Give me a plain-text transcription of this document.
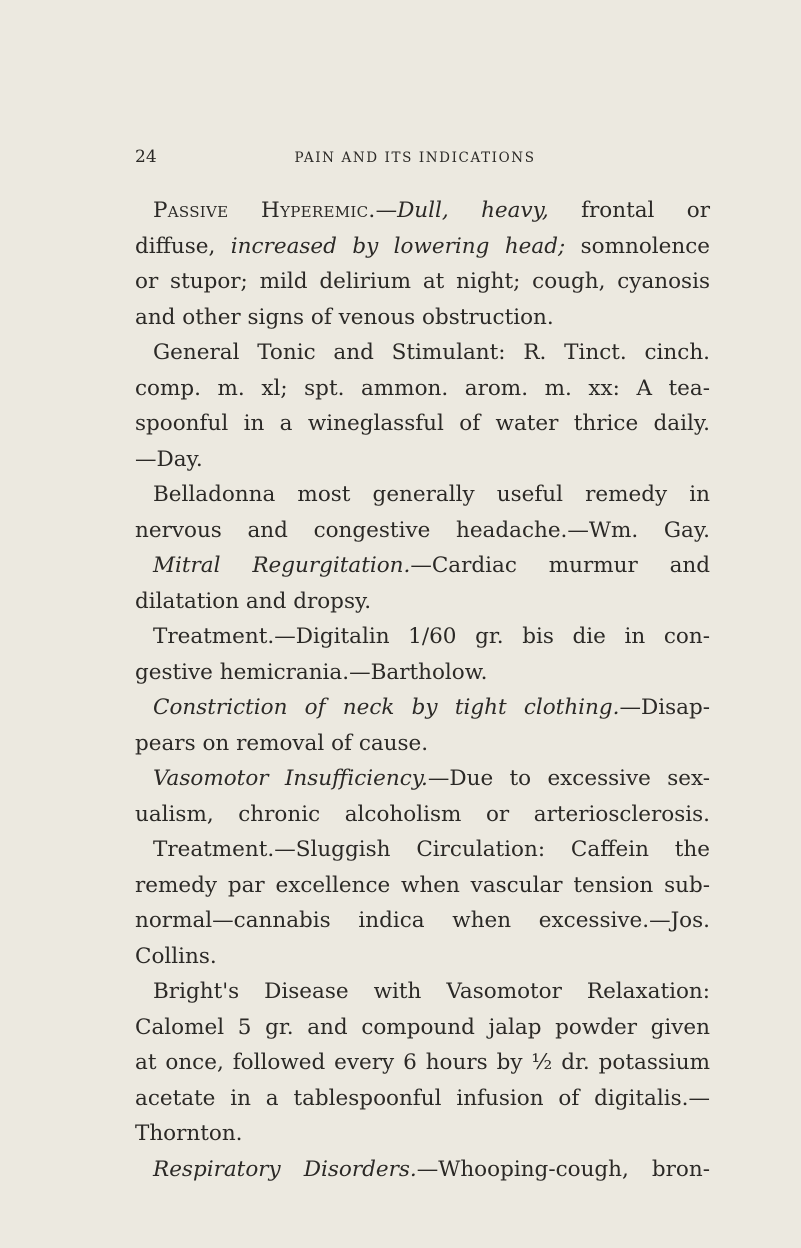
24	PAIN AND ITS INDICATIONS
Passive Hyperemic.—Dull, heavy, frontal or
diffuse, increased by lowering head; somnolence
or stupor; mild delirium at night; cough, cyanosis
and other signs of venous obstruction.
General Tonic and Stimulant: R. Tinct. cinch.
comp. m. xl; spt. ammon. arom. m. xx: A tea-
spoonful in a wineglassful of water thrice daily.
—Day.
Belladonna most generally useful remedy in
nervous and congestive headache.—Wm. Gay.
Mitral Regurgitation.—Cardiac murmur and
dilatation and dropsy.
Treatment.—Digitalin 1/60 gr. bis die in con-
gestive hemicrania.—Bartholow.
Constriction of neck by tight clothing.—Disap-
pears on removal of cause.
Vasomotor Insufficiency.—Due to excessive sex-
ualism, chronic alcoholism or arteriosclerosis.
Treatment.—Sluggish Circulation: Caffein the
remedy par excellence when vascular tension sub-
normal—cannabis indica when excessive.—Jos.
Collins.
Bright's Disease with Vasomotor Relaxation:
Calomel 5 gr. and compound jalap powder given
at once, followed every 6 hours by ½ dr. potassium
acetate in a tablespoonful infusion of digitalis.—
Thornton.
Respiratory Disorders.—Whooping-cough, bron-
